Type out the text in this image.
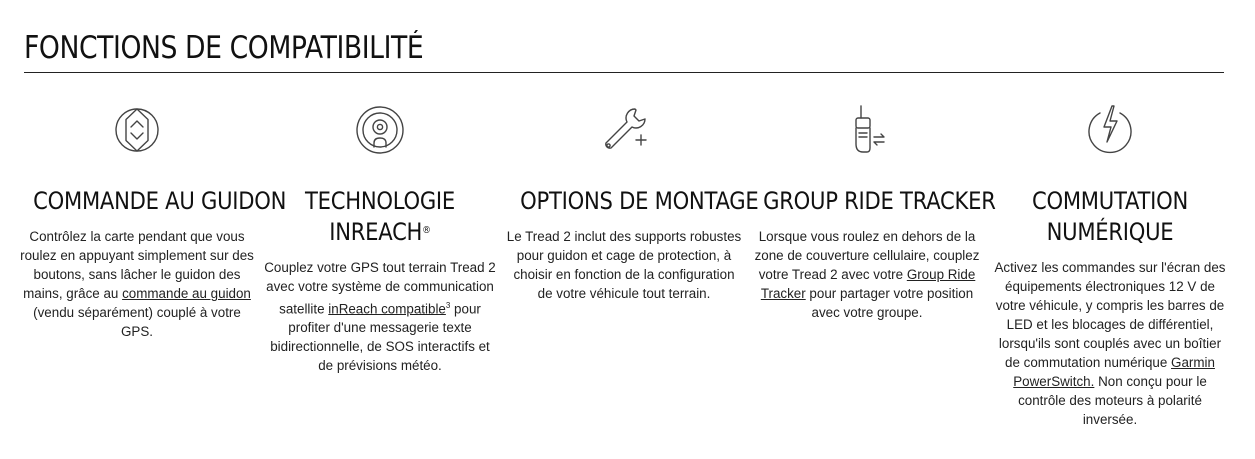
FONCTIONS DE COMPATIBILITÉ
COMMANDE AU GUIDON

Contrôlez la carte pendant que vous roulez en appuyant simplement sur des boutons, sans lâcher le guidon des mains, grâce au commande au guidon (vendu séparément) couplé à votre GPS.

TECHNOLOGIE
INREACH®

Couplez votre GPS tout terrain Tread 2 avec votre système de communication satellite inReach compatible$^3$ pour profiter d'une messagerie texte bidirectionnelle, de SOS interactifs et de prévisions météo.

OPTIONS DE MONTAGE

Le Tread 2 inclut des supports robustes pour guidon et cage de protection, à choisir en fonction de la configuration de votre véhicule tout terrain.

GROUP RIDE TRACKER

Lorsque vous roulez en dehors de la zone de couverture cellulaire, couplez votre Tread 2 avec votre Group Ride Tracker pour partager votre position avec votre groupe.

COMMUTATION
NUMÉRIQUE

Activez les commandes sur l'écran des équipements électroniques 12 V de votre véhicule, y compris les barres de LED et les blocages de différentiel, lorsqu'ils sont couplés avec un boîtier de commutation numérique Garmin PowerSwitch. Non conçu pour le contrôle des moteurs à polarité inversée.
